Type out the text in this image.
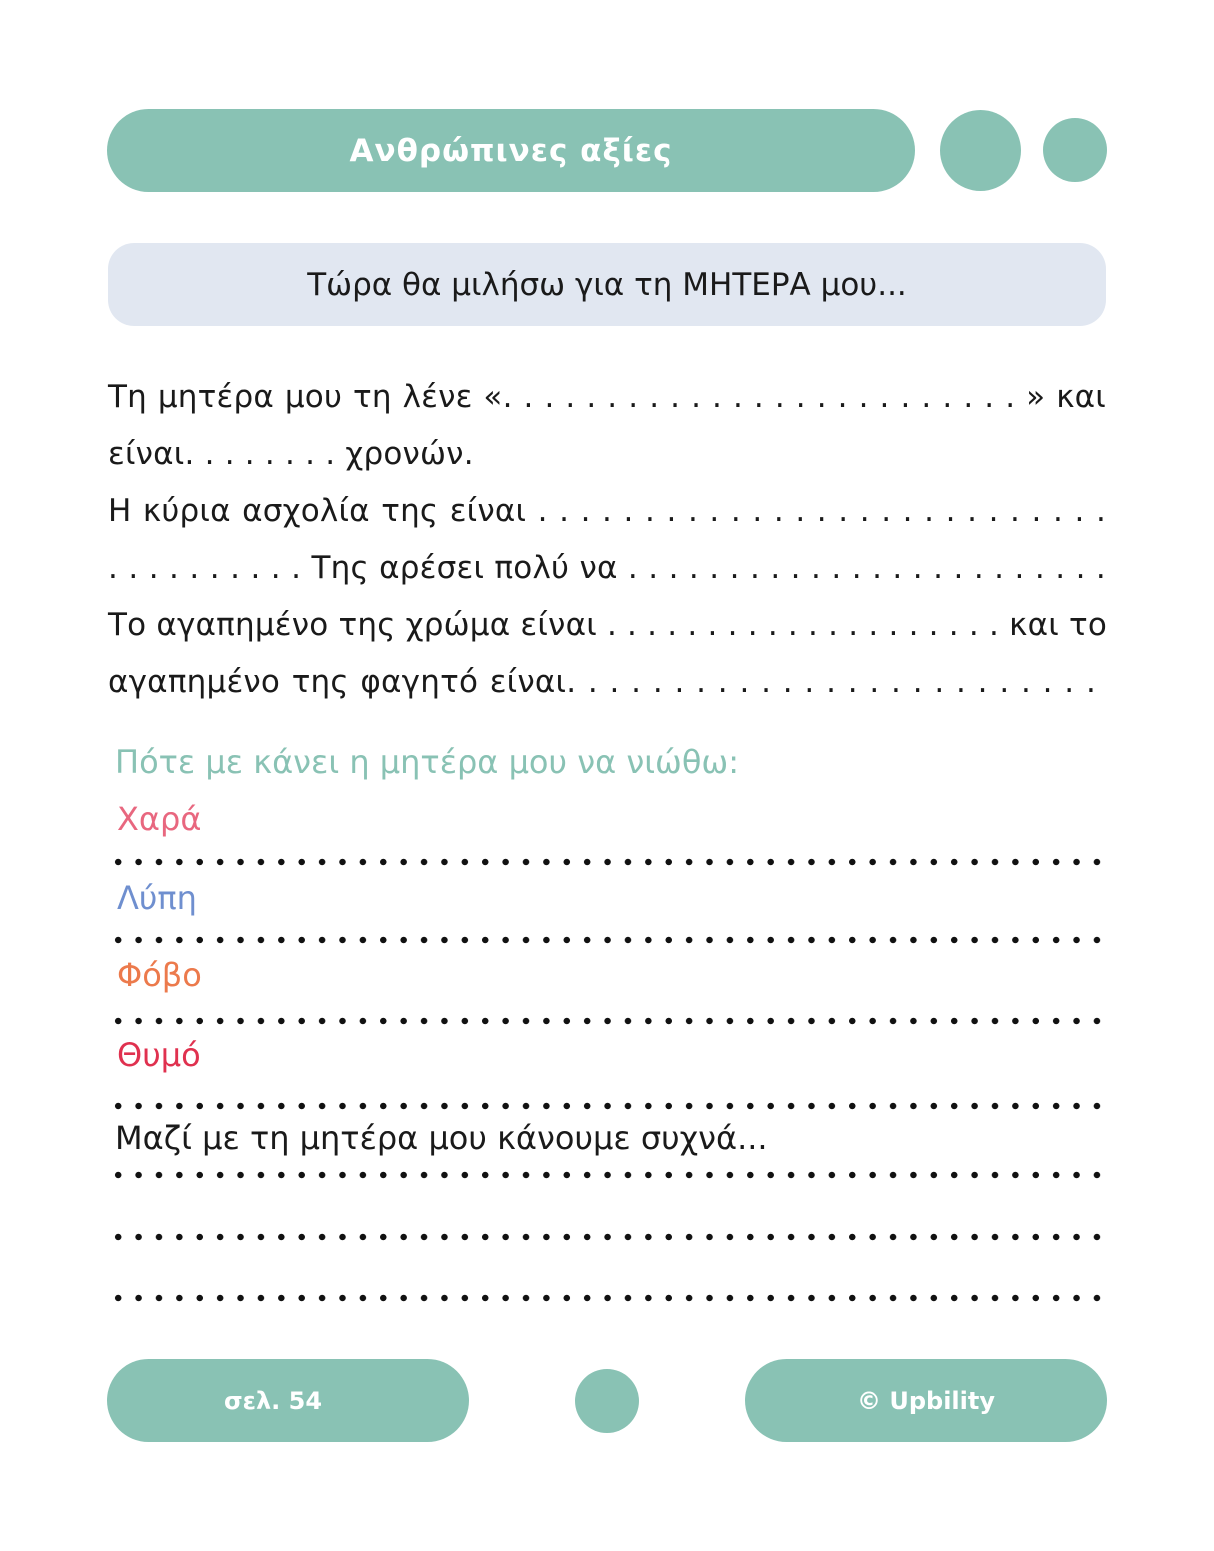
Ανθρώπινες αξίες
Τώρα θα μιλήσω για τη ΜΗΤΕΡΑ μου...
Τη μητέρα μου τη λένε «. . . . . . . . . . . . . . . . . . . . . . . . . » και
είναι. . . . . . . . χρονών.
Η κύρια ασχολία της είναι . . . . . . . . . . . . . . . . . . . . . . . . . . .
. . . . . . . . . . Της αρέσει πολύ να . . . . . . . . . . . . . . . . . . . . . . . .
Το αγαπημένο της χρώμα είναι . . . . . . . . . . . . . . . . . . . . και το
αγαπημένο της φαγητό είναι. . . . . . . . . . . . . . . . . . . . . . . . .
Πότε με κάνει η μητέρα μου να νιώθω:
Χαρά
Λύπη
Φόβο
Θυμό
Μαζί με τη μητέρα μου κάνουμε συχνά...
σελ. 54	© Upbility
